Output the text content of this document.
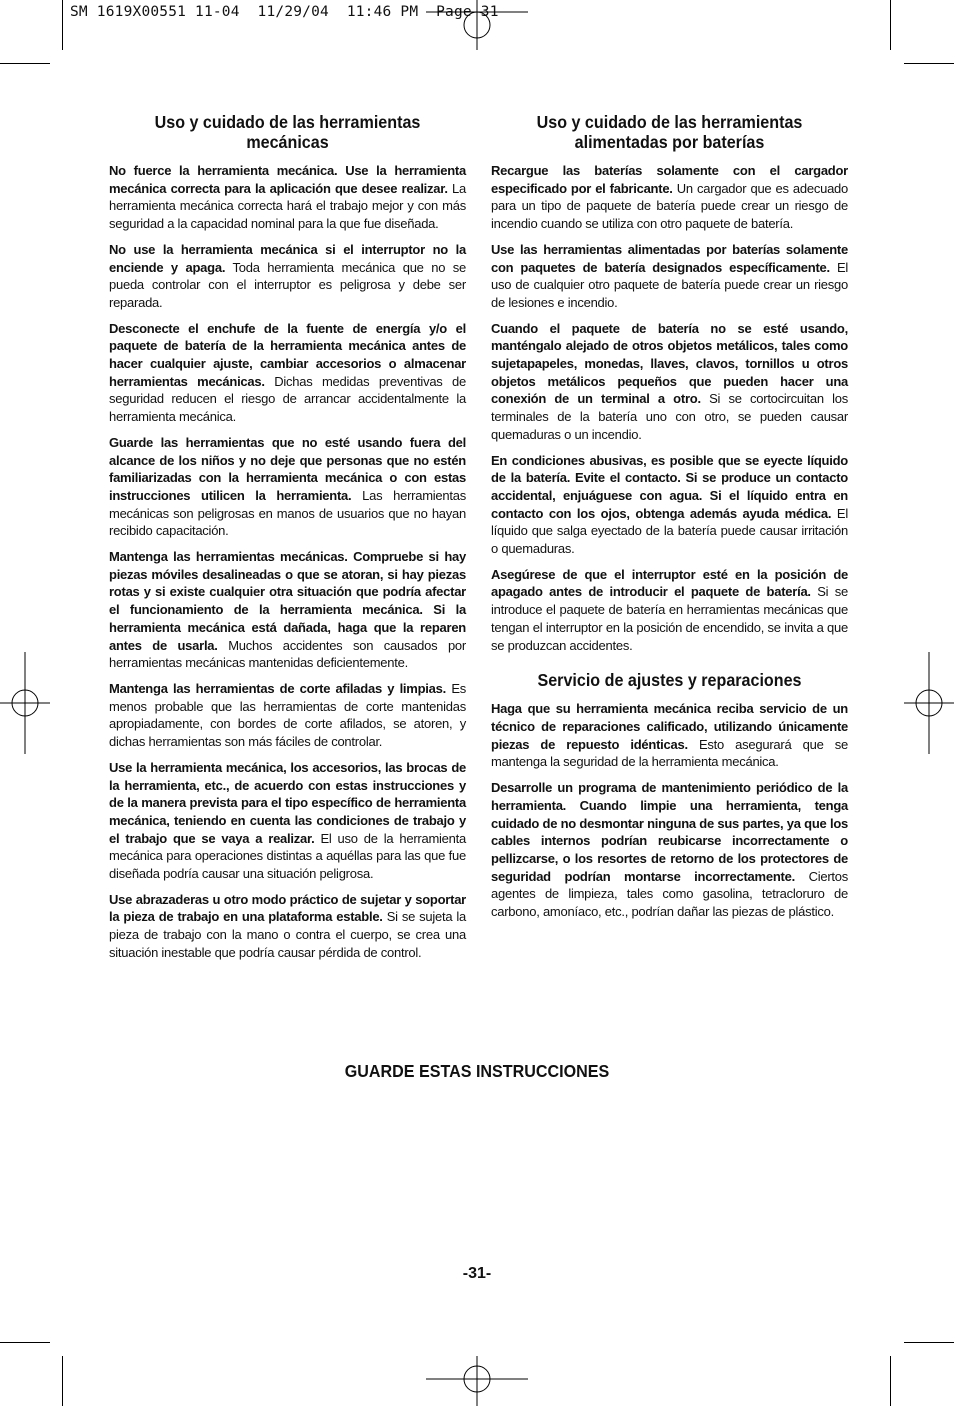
SM 1619X00551 11-04  11/29/04  11:46 PM  Page 31
Uso y cuidado de las herramientas mecánicas

No fuerce la herramienta mecánica. Use la herramienta mecánica correcta para la aplicación que desee realizar. La herramienta mecánica correcta hará el trabajo mejor y con más seguridad a la capacidad nominal para la que fue diseñada.

No use la herramienta mecánica si el interruptor no la enciende y apaga. Toda herramienta mecánica que no se pueda controlar con el interruptor es peligrosa y debe ser reparada.

Desconecte el enchufe de la fuente de energía y/o el paquete de batería de la herramienta mecánica antes de hacer cualquier ajuste, cambiar accesorios o almacenar herramientas mecánicas. Dichas medidas preventivas de seguridad reducen el riesgo de arrancar accidentalmente la herramienta mecánica.

Guarde las herramientas que no esté usando fuera del alcance de los niños y no deje que personas que no estén familiarizadas con la herramienta mecánica o con estas instrucciones utilicen la herramienta. Las herramientas mecánicas son peligrosas en manos de usuarios que no hayan recibido capacitación.

Mantenga las herramientas mecánicas. Compruebe si hay piezas móviles desalineadas o que se atoran, si hay piezas rotas y si existe cualquier otra situación que podría afectar el funcionamiento de la herramienta mecánica. Si la herramienta mecánica está dañada, haga que la reparen antes de usarla. Muchos accidentes son causados por herramientas mecánicas mantenidas deficientemente.

Mantenga las herramientas de corte afiladas y limpias. Es menos probable que las herramientas de corte mantenidas apropiadamente, con bordes de corte afilados, se atoren, y dichas herramientas son más fáciles de controlar.

Use la herramienta mecánica, los accesorios, las brocas de la herramienta, etc., de acuerdo con estas instrucciones y de la manera prevista para el tipo específico de herramienta mecánica, teniendo en cuenta las condiciones de trabajo y el trabajo que se vaya a realizar. El uso de la herramienta mecánica para operaciones distintas a aquéllas para las que fue diseñada podría causar una situación peligrosa.

Use abrazaderas u otro modo práctico de sujetar y soportar la pieza de trabajo en una plataforma estable. Si se sujeta la pieza de trabajo con la mano o contra el cuerpo, se crea una situación inestable que podría causar pérdida de control.

Uso y cuidado de las herramientas alimentadas por baterías

Recargue las baterías solamente con el cargador especificado por el fabricante. Un cargador que es adecuado para un tipo de paquete de batería puede crear un riesgo de incendio cuando se utiliza con otro paquete de batería.

Use las herramientas alimentadas por baterías solamente con paquetes de batería designados específicamente. El uso de cualquier otro paquete de batería puede crear un riesgo de lesiones e incendio.

Cuando el paquete de batería no se esté usando, manténgalo alejado de otros objetos metálicos, tales como sujetapapeles, monedas, llaves, clavos, tornillos u otros objetos metálicos pequeños que pueden hacer una conexión de un terminal a otro. Si se cortocircuitan los terminales de la batería uno con otro, se pueden causar quemaduras o un incendio.

En condiciones abusivas, es posible que se eyecte líquido de la batería. Evite el contacto. Si se produce un contacto accidental, enjuáguese con agua. Si el líquido entra en contacto con los ojos, obtenga además ayuda médica. El líquido que salga eyectado de la batería puede causar irritación o quemaduras.

Asegúrese de que el interruptor esté en la posición de apagado antes de introducir el paquete de batería. Si se introduce el paquete de batería en herramientas mecánicas que tengan el interruptor en la posición de encendido, se invita a que se produzcan accidentes.

Servicio de ajustes y reparaciones

Haga que su herramienta mecánica reciba servicio de un técnico de reparaciones calificado, utilizando únicamente piezas de repuesto idénticas. Esto asegurará que se mantenga la seguridad de la herramienta mecánica.

Desarrolle un programa de mantenimiento periódico de la herramienta. Cuando limpie una herramienta, tenga cuidado de no desmontar ninguna de sus partes, ya que los cables internos podrían reubicarse incorrectamente o pellizcarse, o los resortes de retorno de los protectores de seguridad podrían montarse incorrectamente. Ciertos agentes de limpieza, tales como gasolina, tetracloruro de carbono, amoníaco, etc., podrían dañar las piezas de plástico.

GUARDE ESTAS INSTRUCCIONES
-31-
